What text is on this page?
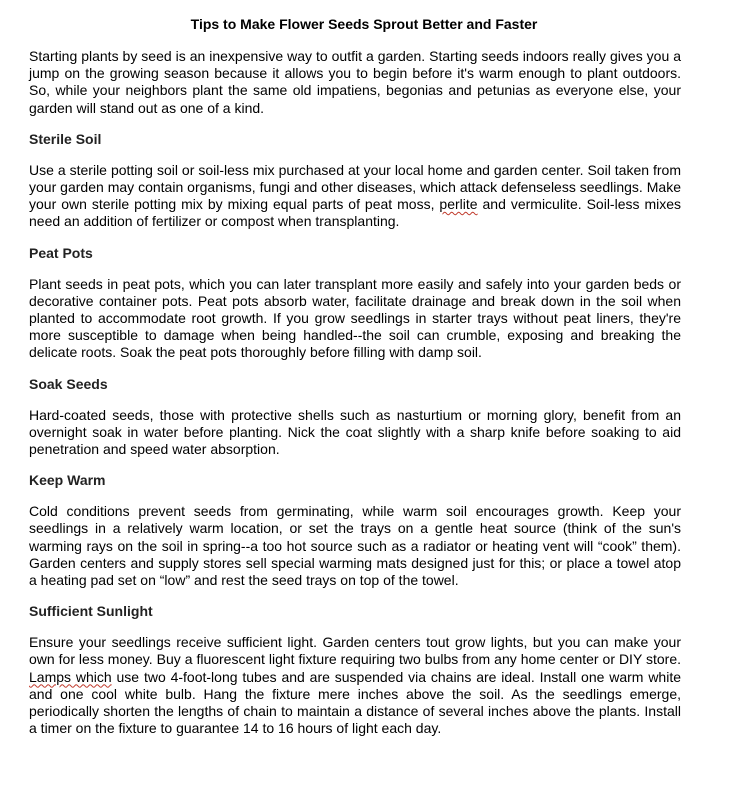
Tips to Make Flower Seeds Sprout Better and Faster

Starting plants by seed is an inexpensive way to outfit a garden. Starting seeds indoors really gives you a jump on the growing season because it allows you to begin before it's warm enough to plant outdoors. So, while your neighbors plant the same old impatiens, begonias and petunias as everyone else, your garden will stand out as one of a kind.

Sterile Soil

Use a sterile potting soil or soil-less mix purchased at your local home and garden center. Soil taken from your garden may contain organisms, fungi and other diseases, which attack defenseless seedlings. Make your own sterile potting mix by mixing equal parts of peat moss, perlite and vermiculite. Soil-less mixes need an addition of fertilizer or compost when transplanting.

Peat Pots

Plant seeds in peat pots, which you can later transplant more easily and safely into your garden beds or decorative container pots. Peat pots absorb water, facilitate drainage and break down in the soil when planted to accommodate root growth. If you grow seedlings in starter trays without peat liners, they're more susceptible to damage when being handled--the soil can crumble, exposing and breaking the delicate roots. Soak the peat pots thoroughly before filling with damp soil.

Soak Seeds

Hard-coated seeds, those with protective shells such as nasturtium or morning glory, benefit from an overnight soak in water before planting. Nick the coat slightly with a sharp knife before soaking to aid penetration and speed water absorption.

Keep Warm

Cold conditions prevent seeds from germinating, while warm soil encourages growth. Keep your seedlings in a relatively warm location, or set the trays on a gentle heat source (think of the sun's warming rays on the soil in spring--a too hot source such as a radiator or heating vent will “cook” them). Garden centers and supply stores sell special warming mats designed just for this; or place a towel atop a heating pad set on “low” and rest the seed trays on top of the towel.

Sufficient Sunlight

Ensure your seedlings receive sufficient light. Garden centers tout grow lights, but you can make your own for less money. Buy a fluorescent light fixture requiring two bulbs from any home center or DIY store. Lamps which use two 4-foot-long tubes and are suspended via chains are ideal. Install one warm white and one cool white bulb. Hang the fixture mere inches above the soil. As the seedlings emerge, periodically shorten the lengths of chain to maintain a distance of several inches above the plants. Install a timer on the fixture to guarantee 14 to 16 hours of light each day.
